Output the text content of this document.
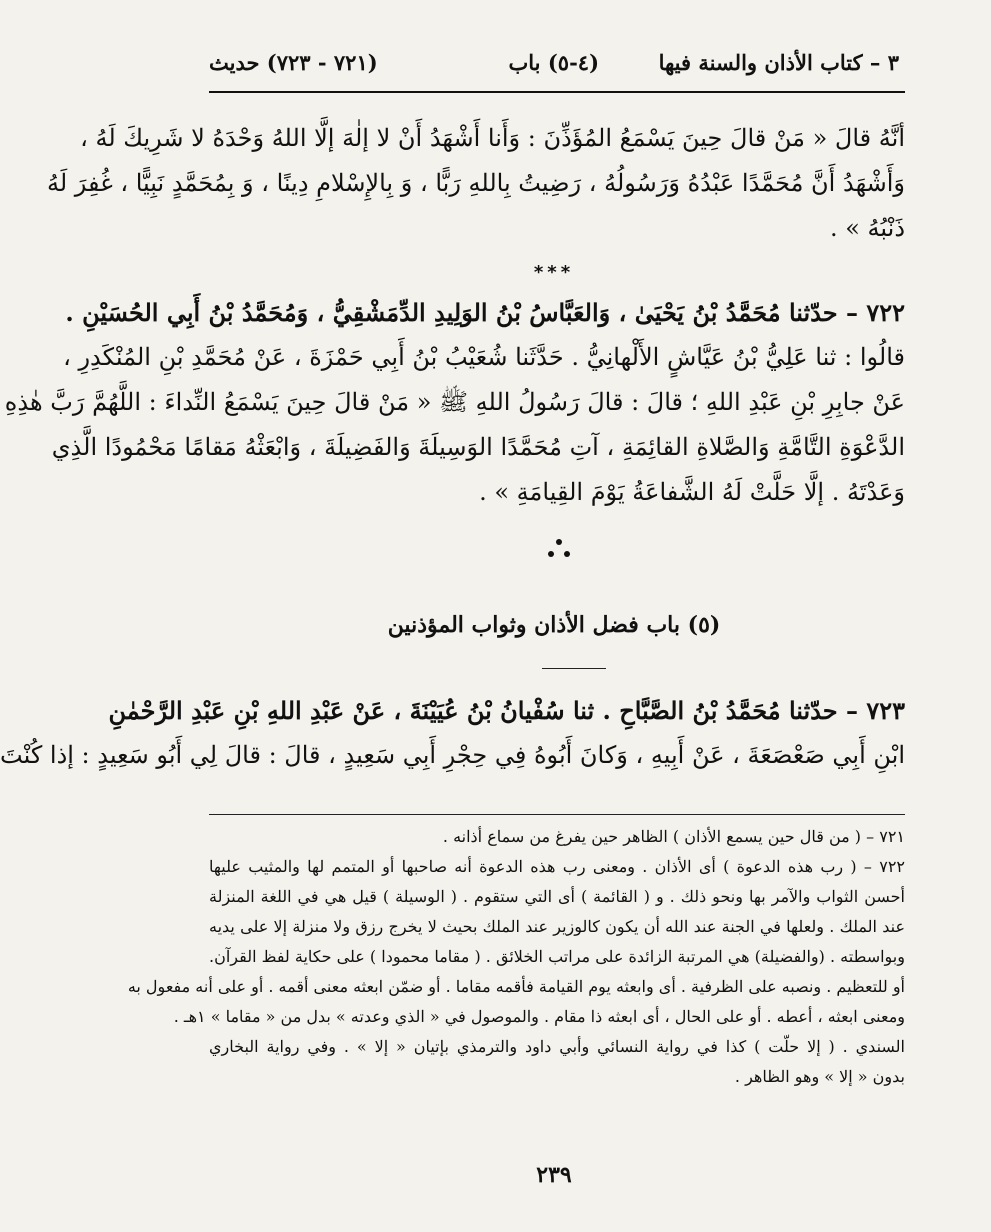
٣ – كتاب الأذان والسنة فيها
(٤-٥) باب
(٧٢١ - ٧٢٣) حديث
أنَّهُ قالَ « مَنْ قالَ حِينَ يَسْمَعُ المُؤَذِّنَ : وَأَنا أَشْهَدُ أَنْ لا إلٰهَ إلَّا اللهُ وَحْدَهُ لا شَرِيكَ لَهُ ،
وَأَشْهَدُ أَنَّ مُحَمَّدًا عَبْدُهُ وَرَسُولُهُ ، رَضِيتُ بِاللهِ رَبًّا ، وَ بِالإِسْلامِ دِينًا ، وَ بِمُحَمَّدٍ نَبِيًّا ، غُفِرَ لَهُ
ذَنْبُهُ » .
***
٧٢٢ – حدّثنا مُحَمَّدُ بْنُ يَحْيَىٰ ، وَالعَبَّاسُ بْنُ الوَلِيدِ الدِّمَشْقِيُّ ، وَمُحَمَّدُ بْنُ أَبِي الحُسَيْنِ .
قالُوا : ثنا عَلِيُّ بْنُ عَيَّاشٍ الأَلْهانِيُّ . حَدَّثَنا شُعَيْبُ بْنُ أَبِي حَمْزَةَ ، عَنْ مُحَمَّدِ بْنِ المُنْكَدِرِ ،
عَنْ جابِرِ بْنِ عَبْدِ اللهِ ؛ قالَ : قالَ رَسُولُ اللهِ ﷺ « مَنْ قالَ حِينَ يَسْمَعُ النِّداءَ : اللَّهُمَّ رَبَّ هٰذِهِ
الدَّعْوَةِ التَّامَّةِ وَالصَّلاةِ القائِمَةِ ، آتِ مُحَمَّدًا الوَسِيلَةَ وَالفَضِيلَةَ ، وَابْعَثْهُ مَقامًا مَحْمُودًا الَّذِي
وَعَدْتَهُ . إلَّا حَلَّتْ لَهُ الشَّفاعَةُ يَوْمَ القِيامَةِ » .
(٥) باب فضل الأذان وثواب المؤذنين
٧٢٣ – حدّثنا مُحَمَّدُ بْنُ الصَّبَّاحِ . ثنا سُفْيانُ بْنُ عُيَيْنَةَ ، عَنْ عَبْدِ اللهِ بْنِ عَبْدِ الرَّحْمٰنِ
ابْنِ أَبِي صَعْصَعَةَ ، عَنْ أَبِيهِ ، وَكانَ أَبُوهُ فِي حِجْرِ أَبِي سَعِيدٍ ، قالَ : قالَ لِي أَبُو سَعِيدٍ : إذا كُنْتَ
٧٢١ – ( من قال حين يسمع الأذان ) الظاهر حين يفرغ من سماع أذانه .
٧٢٢ – ( رب هذه الدعوة ) أى الأذان . ومعنى رب هذه الدعوة أنه صاحبها أو المتمم لها والمثيب عليها
أحسن الثواب والآمر بها ونحو ذلك . و ( القائمة ) أى التي ستقوم . ( الوسيلة ) قيل هي في اللغة المنزلة
عند الملك . ولعلها في الجنة عند الله أن يكون كالوزير عند الملك بحيث لا يخرج رزق ولا منزلة إلا على يديه
وبواسطته . (والفضيلة) هي المرتبة الزائدة على مراتب الخلائق . ( مقاما محمودا ) على حكاية لفظ القرآن.
أو للتعظيم . ونصبه على الظرفية . أى وابعثه يوم القيامة فأقمه مقاما . أو ضمّن ابعثه معنى أقمه . أو على أنه مفعول به
ومعنى ابعثه ، أعطه . أو على الحال ، أى ابعثه ذا مقام . والموصول في « الذي وعدته » بدل من « مقاما » ١هـ .
السندي . ( إلا حلّت ) كذا في رواية النسائي وأبي داود والترمذي بإتيان « إلا » . وفي رواية البخاري
بدون « إلا » وهو الظاهر .
٢٣٩
